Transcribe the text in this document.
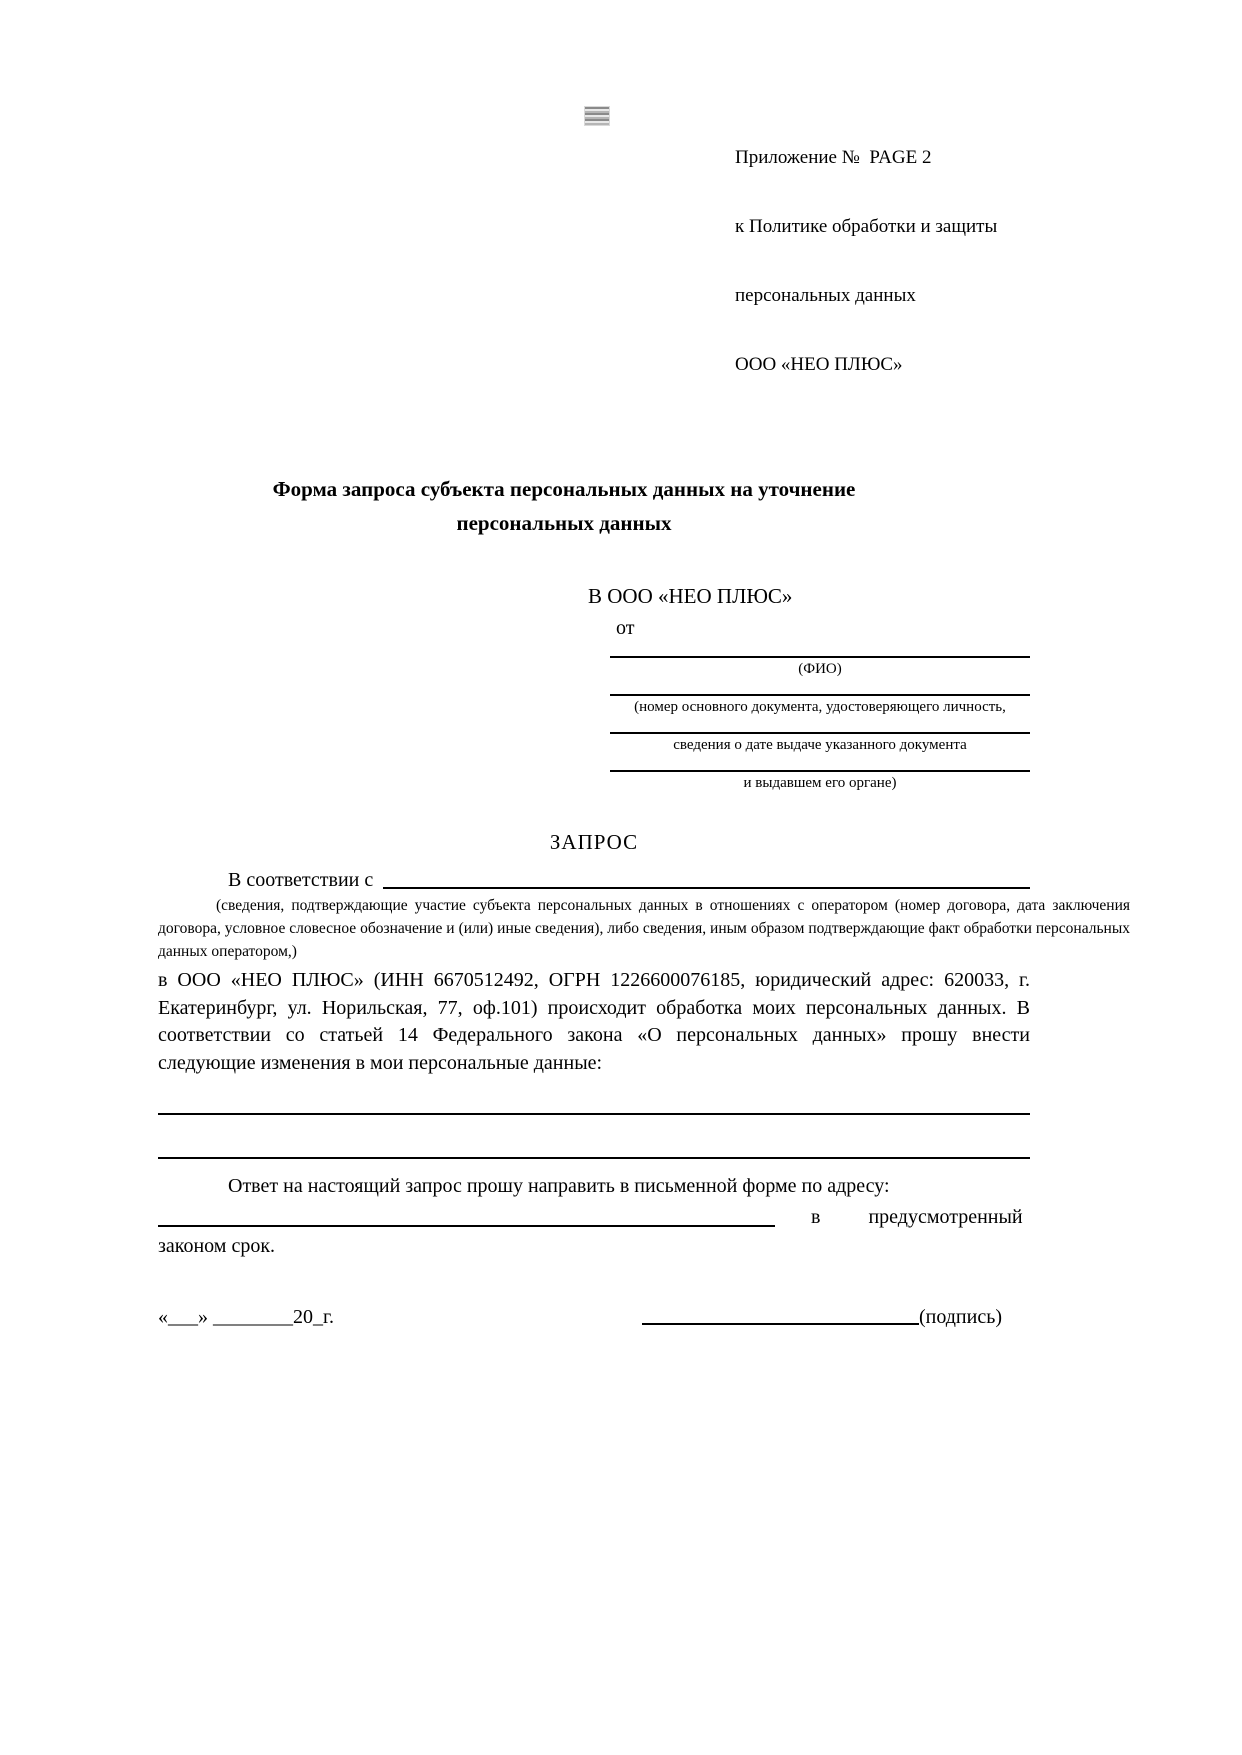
Приложение №  PAGE 2

к Политике обработки и защиты

персональных данных

ООО «НЕО ПЛЮС»

Форма запроса субъекта персональных данных на уточнение
персональных данных
В ООО «НЕО ПЛЮС»
от
(ФИО)
(номер основного документа, удостоверяющего личность,
сведения о дате выдаче указанного документа
и выдавшем его органе)
ЗАПРОС
В соответствии с
(сведения, подтверждающие участие субъекта персональных данных в отношениях с оператором (номер договора, дата заключения договора, условное словесное обозначение и (или) иные сведения), либо сведения, иным образом подтверждающие факт обработки персональных данных оператором,)
в ООО «НЕО ПЛЮС» (ИНН 6670512492, ОГРН 1226600076185, юридический адрес: 620033, г. Екатеринбург, ул. Норильская, 77, оф.101) происходит обработка моих персональных данных. В соответствии со статьей 14 Федерального закона «О персональных данных» прошу внести следующие изменения в мои персональные данные:
Ответ на настоящий запрос прошу направить в письменной форме по адресу:
в предусмотренный
законом срок.
«___» ________20_г.	(подпись)
